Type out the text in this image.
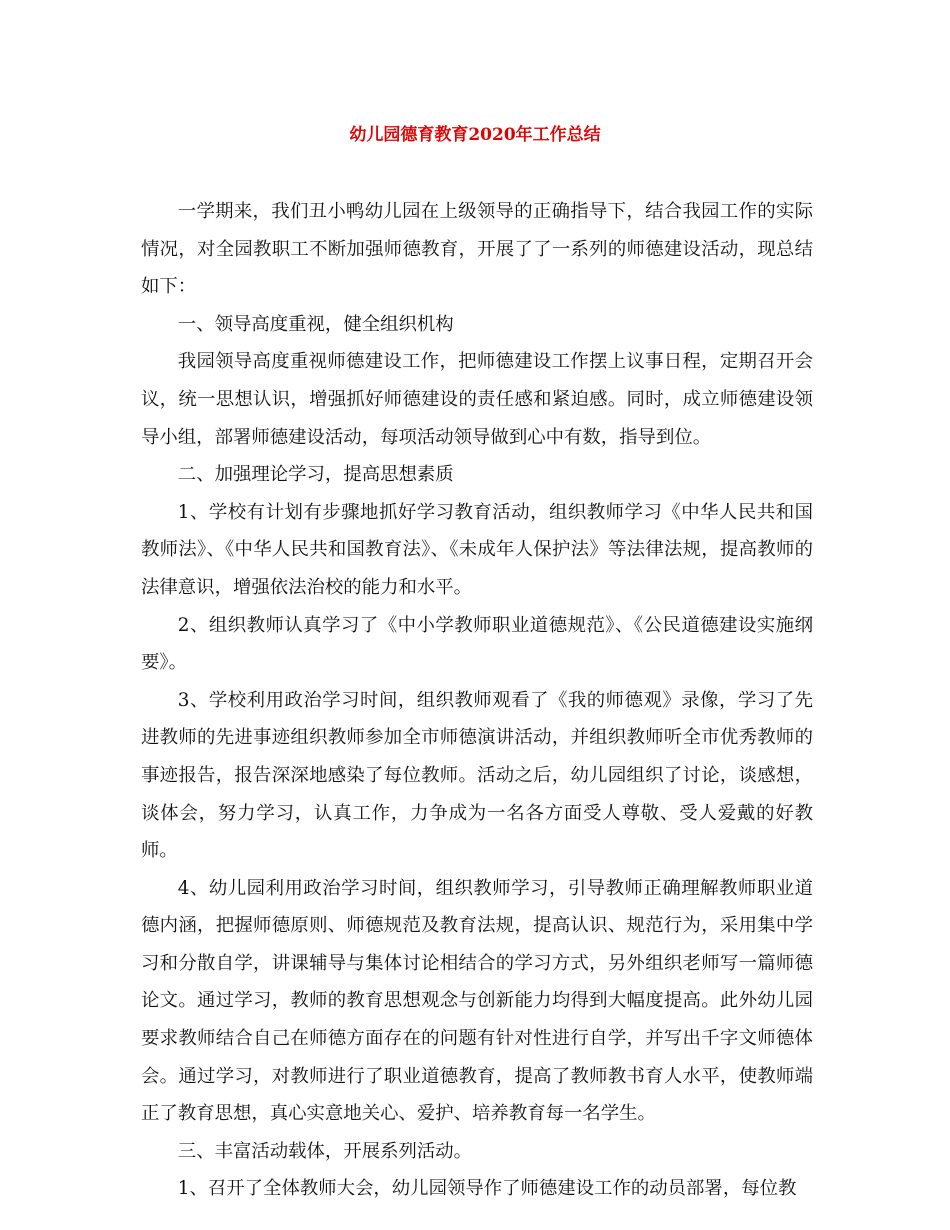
幼儿园德育教育2020年工作总结

一学期来，我们丑小鸭幼儿园在上级领导的正确指导下，结合我园工作的实际情况，对全园教职工不断加强师德教育，开展了了一系列的师德建设活动，现总结如下：

一、领导高度重视，健全组织机构

我园领导高度重视师德建设工作，把师德建设工作摆上议事日程，定期召开会议，统一思想认识，增强抓好师德建设的责任感和紧迫感。同时，成立师德建设领导小组，部署师德建设活动，每项活动领导做到心中有数，指导到位。

二、加强理论学习，提高思想素质

1、学校有计划有步骤地抓好学习教育活动，组织教师学习《中华人民共和国教师法》、《中华人民共和国教育法》、《未成年人保护法》等法律法规，提高教师的法律意识，增强依法治校的能力和水平。

2、组织教师认真学习了《中小学教师职业道德规范》、《公民道德建设实施纲要》。

3、学校利用政治学习时间，组织教师观看了《我的师德观》录像，学习了先进教师的先进事迹组织教师参加全市师德演讲活动，并组织教师听全市优秀教师的事迹报告，报告深深地感染了每位教师。活动之后，幼儿园组织了讨论，谈感想，谈体会，努力学习，认真工作，力争成为一名各方面受人尊敬、受人爱戴的好教师。

4、幼儿园利用政治学习时间，组织教师学习，引导教师正确理解教师职业道德内涵，把握师德原则、师德规范及教育法规，提高认识、规范行为，采用集中学习和分散自学，讲课辅导与集体讨论相结合的学习方式，另外组织老师写一篇师德论文。通过学习，教师的教育思想观念与创新能力均得到大幅度提高。此外幼儿园要求教师结合自己在师德方面存在的问题有针对性进行自学，并写出千字文师德体会。通过学习，对教师进行了职业道德教育，提高了教师教书育人水平，使教师端正了教育思想，真心实意地关心、爱护、培养教育每一名学生。

三、丰富活动载体，开展系列活动。

1、召开了全体教师大会，幼儿园领导作了师德建设工作的动员部署，每位教
